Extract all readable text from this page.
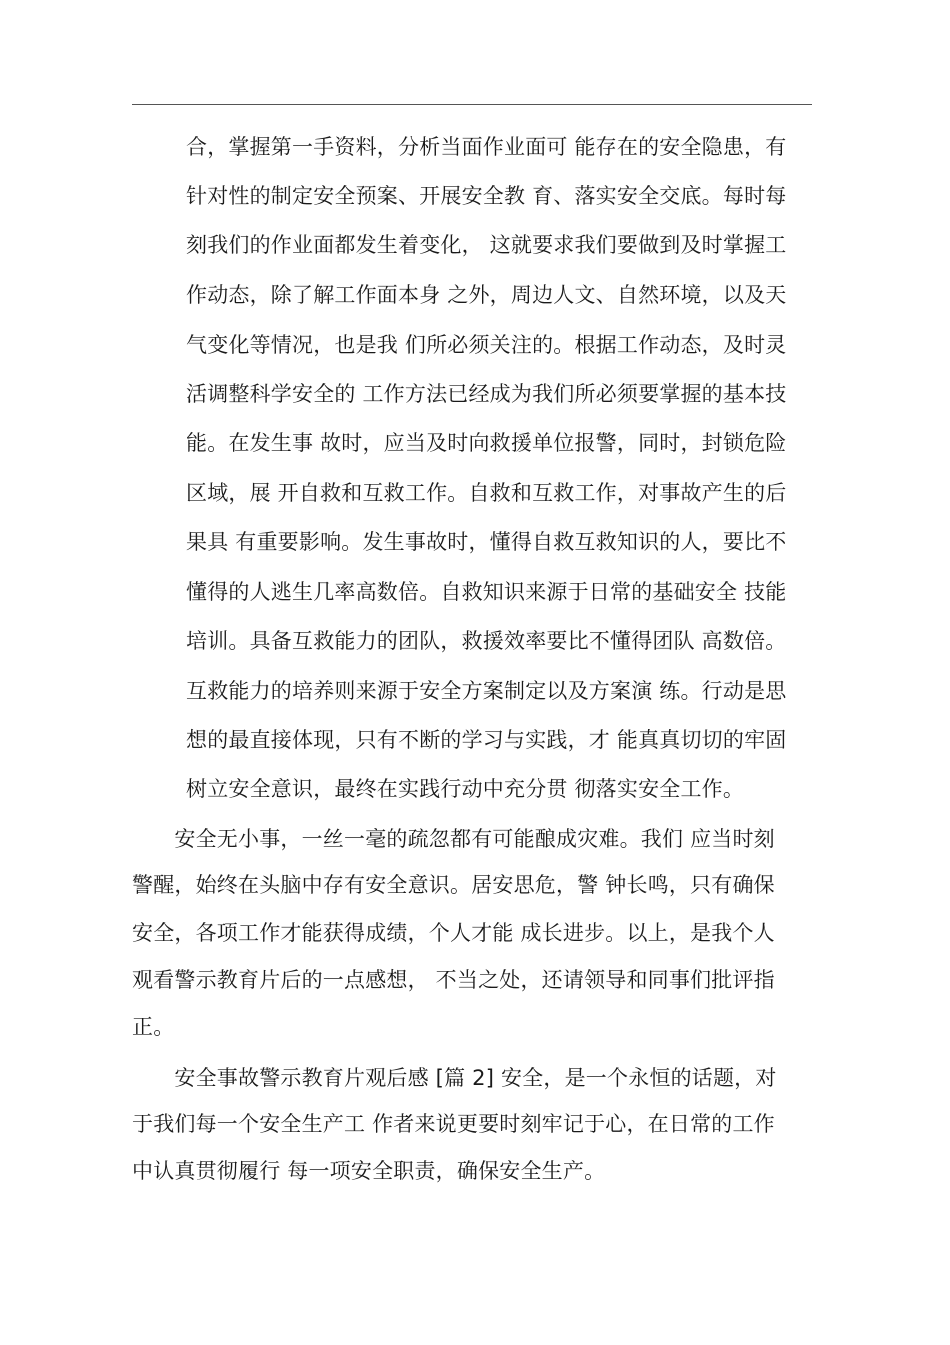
合，掌握第一手资料，分析当面作业面可 能存在的安全隐患，有
针对性的制定安全预案、开展安全教 育、落实安全交底。每时每
刻我们的作业面都发生着变化， 这就要求我们要做到及时掌握工
作动态，除了解工作面本身 之外，周边人文、自然环境，以及天
气变化等情况，也是我 们所必须关注的。根据工作动态，及时灵
活调整科学安全的 工作方法已经成为我们所必须要掌握的基本技
能。在发生事 故时，应当及时向救援单位报警，同时，封锁危险
区域，展 开自救和互救工作。自救和互救工作，对事故产生的后
果具 有重要影响。发生事故时，懂得自救互救知识的人，要比不
懂得的人逃生几率高数倍。自救知识来源于日常的基础安全 技能
培训。具备互救能力的团队，救援效率要比不懂得团队 高数倍。
互救能力的培养则来源于安全方案制定以及方案演 练。行动是思
想的最直接体现，只有不断的学习与实践，才 能真真切切的牢固
树立安全意识，最终在实践行动中充分贯 彻落实安全工作。
　　安全无小事，一丝一毫的疏忽都有可能酿成灾难。我们 应当时刻
警醒，始终在头脑中存有安全意识。居安思危，警 钟长鸣，只有确保
安全，各项工作才能获得成绩，个人才能 成长进步。以上，是我个人
观看警示教育片后的一点感想， 不当之处，还请领导和同事们批评指
正。
　　安全事故警示教育片观后感 [篇 2] 安全，是一个永恒的话题，对
于我们每一个安全生产工 作者来说更要时刻牢记于心，在日常的工作
中认真贯彻履行 每一项安全职责，确保安全生产。
